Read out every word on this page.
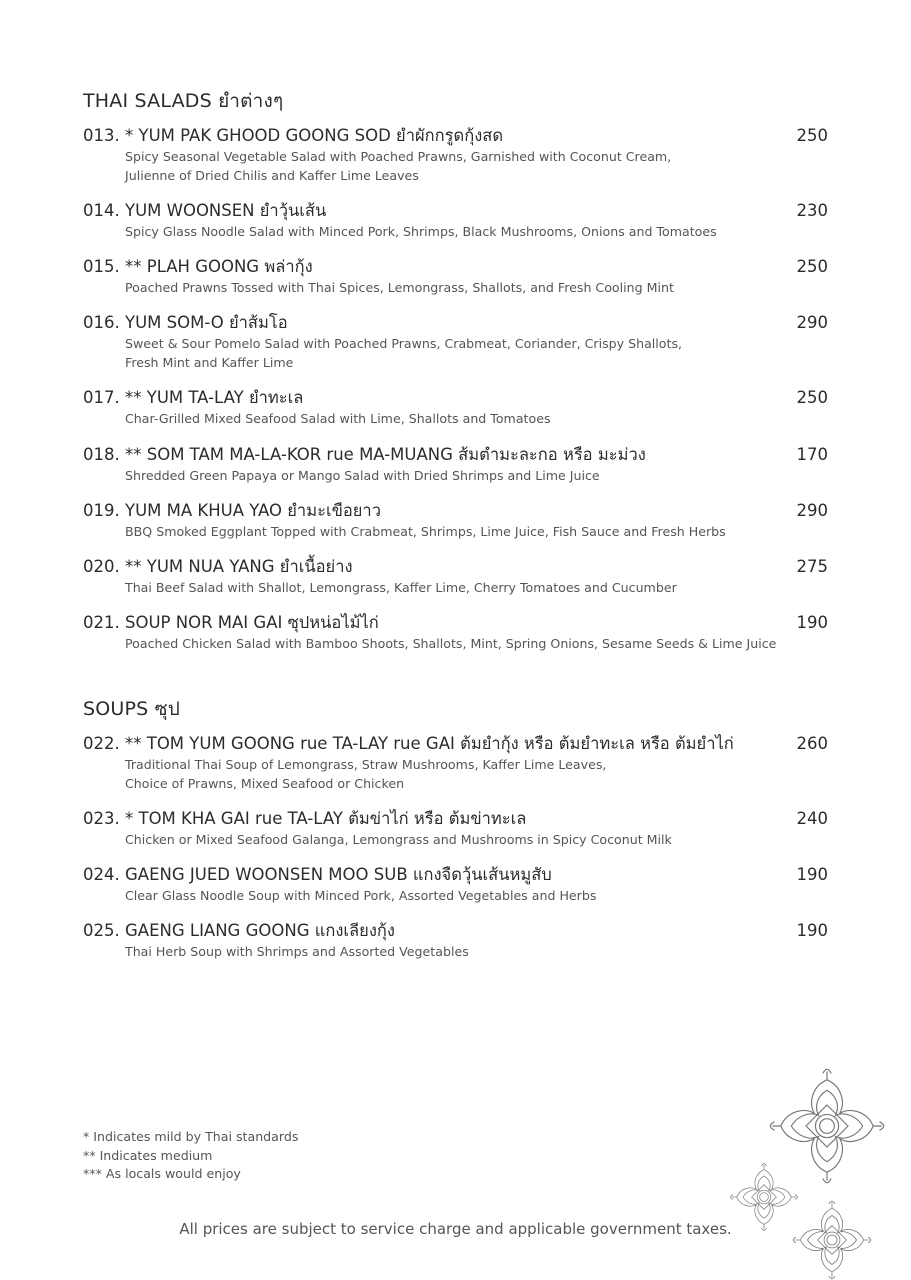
THAI SALADS ยำต่างๆ
013. * YUM PAK GHOOD GOONG SOD ยำผักกรูดกุ้งสด	250
Spicy Seasonal Vegetable Salad with Poached Prawns, Garnished with Coconut Cream,
Julienne of Dried Chilis and Kaffer Lime Leaves
014. YUM WOONSEN ยำวุ้นเส้น	230
Spicy Glass Noodle Salad with Minced Pork, Shrimps, Black Mushrooms, Onions and Tomatoes
015. ** PLAH GOONG พล่ากุ้ง	250
Poached Prawns Tossed with Thai Spices, Lemongrass, Shallots, and Fresh Cooling Mint
016. YUM SOM-O ยำส้มโอ	290
Sweet & Sour Pomelo Salad with Poached Prawns, Crabmeat, Coriander, Crispy Shallots,
Fresh Mint and Kaffer Lime
017. ** YUM TA-LAY ยำทะเล	250
Char-Grilled Mixed Seafood Salad with Lime, Shallots and Tomatoes
018. ** SOM TAM MA-LA-KOR rue MA-MUANG ส้มตำมะละกอ หรือ มะม่วง	170
Shredded Green Papaya or Mango Salad with Dried Shrimps and Lime Juice
019. YUM MA KHUA YAO ยำมะเขือยาว	290
BBQ Smoked Eggplant Topped with Crabmeat, Shrimps, Lime Juice, Fish Sauce and Fresh Herbs
020. ** YUM NUA YANG ยำเนื้อย่าง	275
Thai Beef Salad with Shallot, Lemongrass, Kaffer Lime, Cherry Tomatoes and Cucumber
021. SOUP NOR MAI GAI ซุปหน่อไม้ไก่	190
Poached Chicken Salad with Bamboo Shoots, Shallots, Mint, Spring Onions, Sesame Seeds & Lime Juice
SOUPS ซุป
022. ** TOM YUM GOONG rue TA-LAY rue GAI ต้มยำกุ้ง หรือ ต้มยำทะเล หรือ ต้มยำไก่	260
Traditional Thai Soup of Lemongrass, Straw Mushrooms, Kaffer Lime Leaves,
Choice of Prawns, Mixed Seafood or Chicken
023. * TOM KHA GAI rue TA-LAY ต้มข่าไก่ หรือ ต้มข่าทะเล	240
Chicken or Mixed Seafood Galanga, Lemongrass and Mushrooms in Spicy Coconut Milk
024. GAENG JUED WOONSEN MOO SUB แกงจืดวุ้นเส้นหมูสับ	190
Clear Glass Noodle Soup with Minced Pork, Assorted Vegetables and Herbs
025. GAENG LIANG GOONG แกงเลียงกุ้ง	190
Thai Herb Soup with Shrimps and Assorted Vegetables
* Indicates mild by Thai standards
** Indicates medium
*** As locals would enjoy
All prices are subject to service charge and applicable government taxes.
